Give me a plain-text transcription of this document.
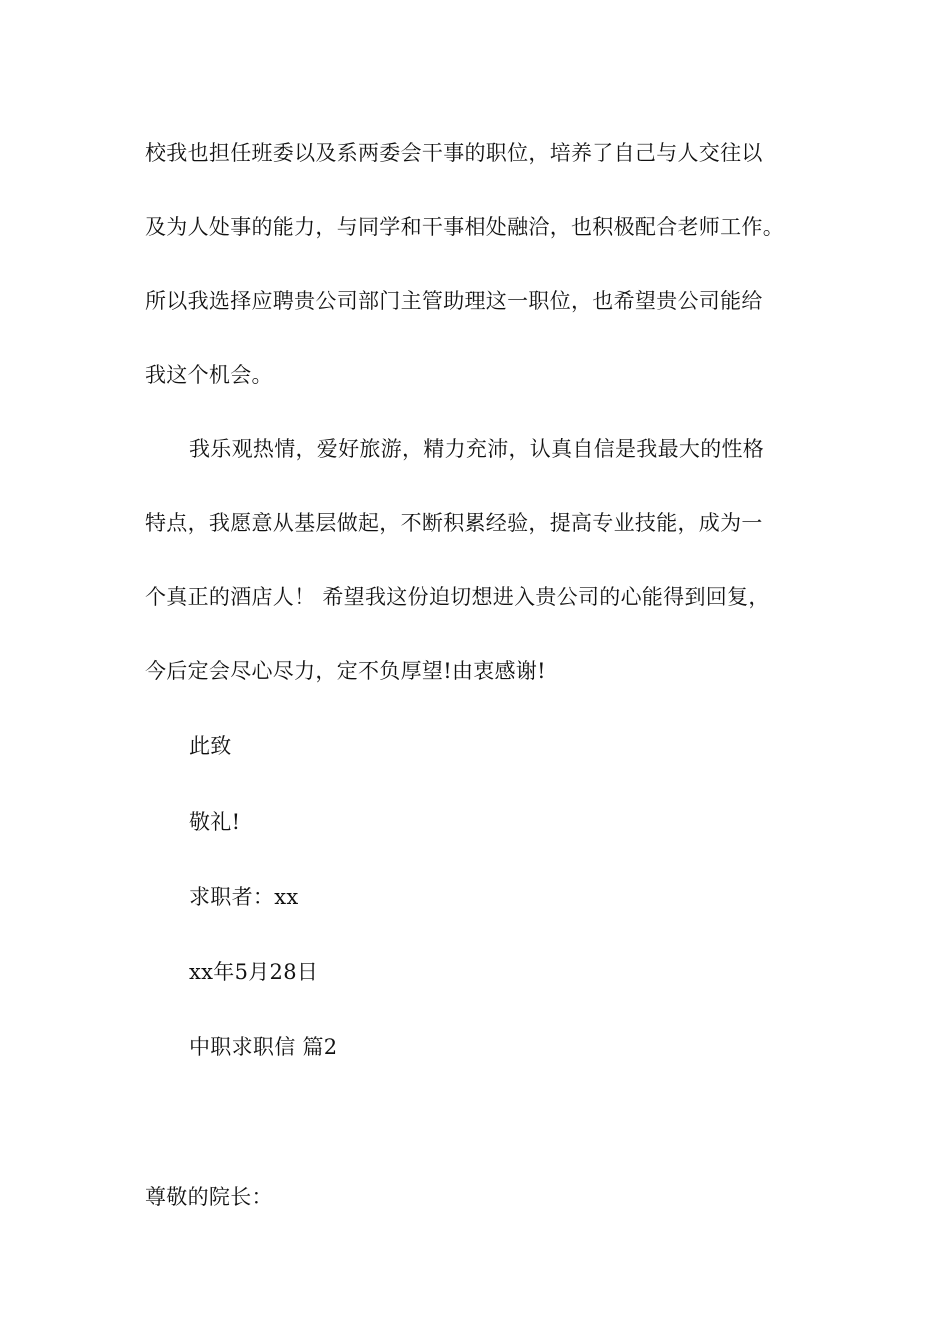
校我也担任班委以及系两委会干事的职位，培养了自己与人交往以
及为人处事的能力，与同学和干事相处融洽，也积极配合老师工作。
所以我选择应聘贵公司部门主管助理这一职位，也希望贵公司能给
我这个机会。
我乐观热情，爱好旅游，精力充沛，认真自信是我最大的性格
特点，我愿意从基层做起，不断积累经验，提高专业技能，成为一
个真正的酒店人！ 希望我这份迫切想进入贵公司的心能得到回复，
今后定会尽心尽力，定不负厚望!由衷感谢!
此致
敬礼!
求职者：xx
xx年5月28日
中职求职信 篇2
尊敬的院长：
